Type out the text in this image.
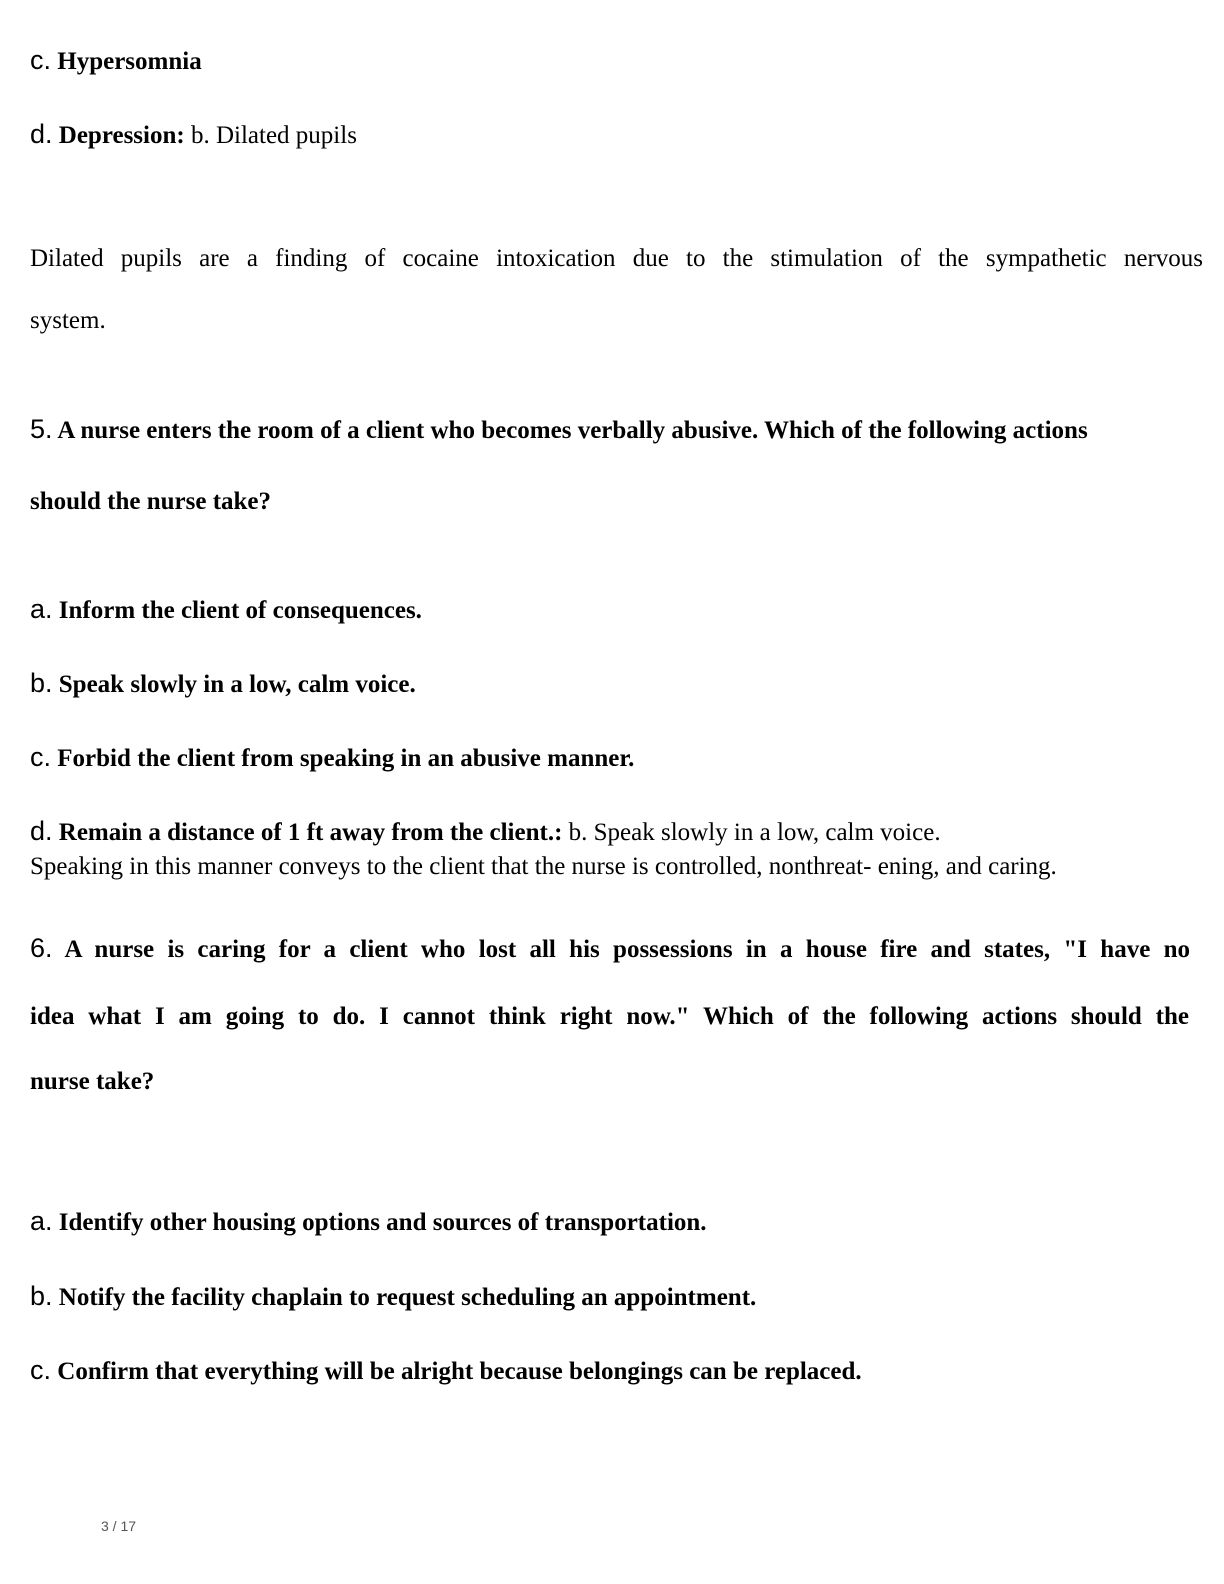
c. Hypersomnia
d. Depression: b. Dilated pupils
Dilated pupils are a finding of cocaine intoxication due to the stimulation of the sympathetic nervous
system.
5. A nurse enters the room of a client who becomes verbally abusive. Which of the following actions
should the nurse take?
a. Inform the client of consequences.
b. Speak slowly in a low, calm voice.
c. Forbid the client from speaking in an abusive manner.
d. Remain a distance of 1 ft away from the client.: b. Speak slowly in a low, calm voice.
Speaking in this manner conveys to the client that the nurse is controlled, nonthreat- ening, and caring.
6. A nurse is caring for a client who lost all his possessions in a house fire and states, "I have no
idea what I am going to do. I cannot think right now." Which of the following actions should the
nurse take?
a. Identify other housing options and sources of transportation.
b. Notify the facility chaplain to request scheduling an appointment.
c. Confirm that everything will be alright because belongings can be replaced.
3 / 17
